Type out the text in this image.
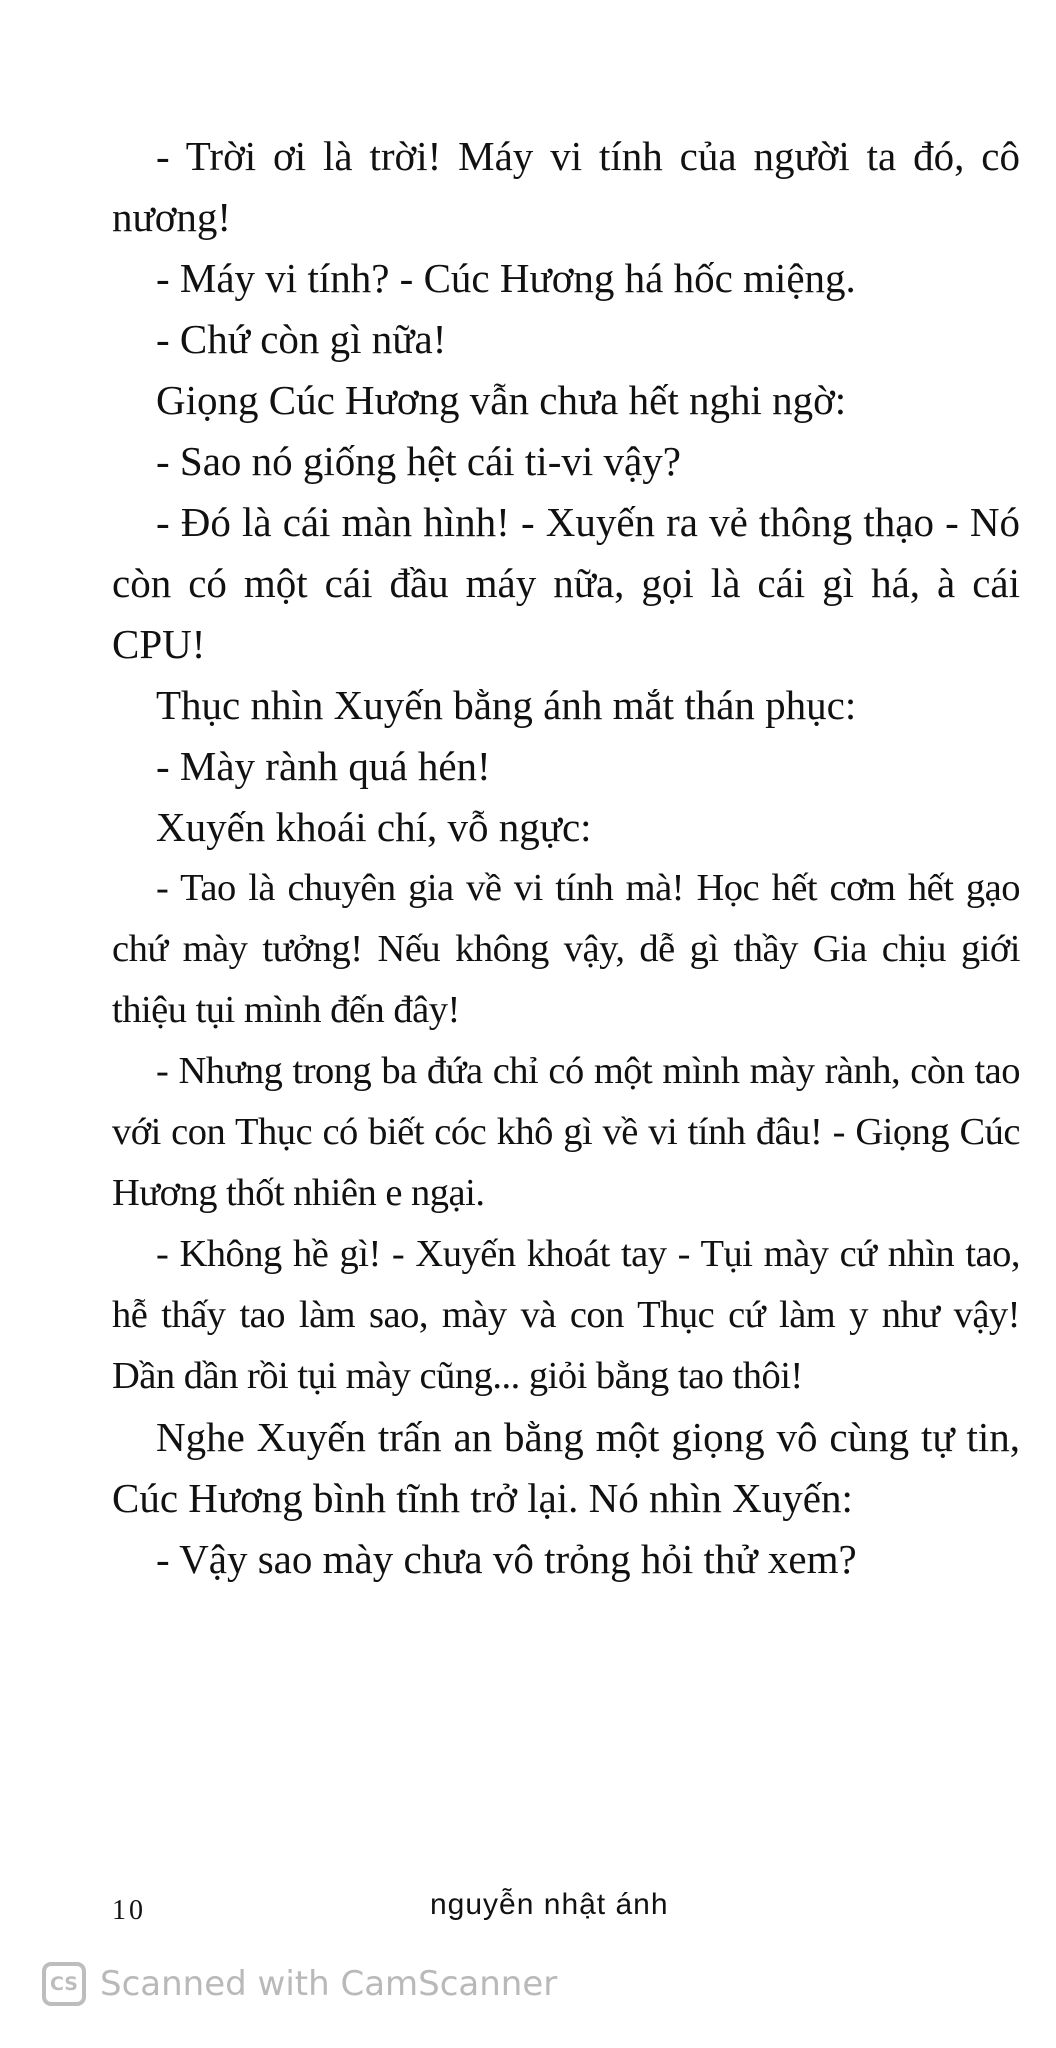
- Trời ơi là trời! Máy vi tính của người ta đó, cô nương!

- Máy vi tính? - Cúc Hương há hốc miệng.

- Chứ còn gì nữa!

Giọng Cúc Hương vẫn chưa hết nghi ngờ:

- Sao nó giống hệt cái ti-vi vậy?

- Đó là cái màn hình! - Xuyến ra vẻ thông thạo - Nó còn có một cái đầu máy nữa, gọi là cái gì há, à cái CPU!

Thục nhìn Xuyến bằng ánh mắt thán phục:

- Mày rành quá hén!

Xuyến khoái chí, vỗ ngực:

- Tao là chuyên gia về vi tính mà! Học hết cơm hết gạo chứ mày tưởng! Nếu không vậy, dễ gì thầy Gia chịu giới thiệu tụi mình đến đây!

- Nhưng trong ba đứa chỉ có một mình mày rành, còn tao với con Thục có biết cóc khô gì về vi tính đâu! - Giọng Cúc Hương thốt nhiên e ngại.

- Không hề gì! - Xuyến khoát tay - Tụi mày cứ nhìn tao, hễ thấy tao làm sao, mày và con Thục cứ làm y như vậy! Dần dần rồi tụi mày cũng... giỏi bằng tao thôi!

Nghe Xuyến trấn an bằng một giọng vô cùng tự tin, Cúc Hương bình tĩnh trở lại. Nó nhìn Xuyến:

- Vậy sao mày chưa vô trỏng hỏi thử xem?

10	nguyễn nhật ánh
CS Scanned with CamScanner
